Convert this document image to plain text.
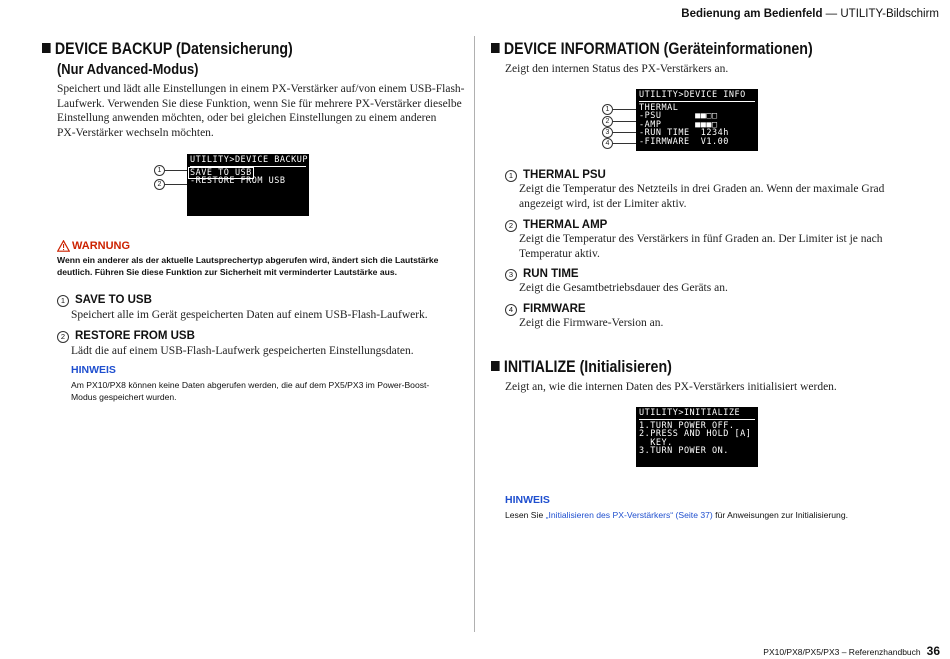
Bedienung am Bedienfeld — UTILITY-Bildschirm
DEVICE BACKUP (Datensicherung)
(Nur Advanced-Modus)
Speichert und lädt alle Einstellungen in einem PX-Verstärker auf/von einem USB-Flash-
Laufwerk. Verwenden Sie diese Funktion, wenn Sie für mehrere PX-Verstärker dieselbe
Einstellung anwenden möchten, oder bei gleichen Einstellungen zu einem anderen
PX-Verstärker wechseln möchten.
1
2
UTILITY>DEVICE BACKUP
SAVE TO USB
-RESTORE FROM USB
WARNUNG
Wenn ein anderer als der aktuelle Lautsprechertyp abgerufen wird, ändert sich die Lautstärke
deutlich. Führen Sie diese Funktion zur Sicherheit mit verminderter Lautstärke aus.
1 SAVE TO USB
Speichert alle im Gerät gespeicherten Daten auf einem USB-Flash-Laufwerk.
2 RESTORE FROM USB
Lädt die auf einem USB-Flash-Laufwerk gespeicherten Einstellungsdaten.
HINWEIS
Am PX10/PX8 können keine Daten abgerufen werden, die auf dem PX5/PX3 im Power-Boost-
Modus gespeichert wurden.
DEVICE INFORMATION (Geräteinformationen)
Zeigt den internen Status des PX-Verstärkers an.
1
2
3
4
UTILITY>DEVICE INFO
THERMAL
-PSU      ■■□□
-AMP      ■■■□
-RUN TIME  1234h
-FIRMWARE  V1.00
1 THERMAL PSU
Zeigt die Temperatur des Netzteils in drei Graden an. Wenn der maximale Grad
angezeigt wird, ist der Limiter aktiv.
2 THERMAL AMP
Zeigt die Temperatur des Verstärkers in fünf Graden an. Der Limiter ist je nach
Temperatur aktiv.
3 RUN TIME
Zeigt die Gesamtbetriebsdauer des Geräts an.
4 FIRMWARE
Zeigt die Firmware-Version an.
INITIALIZE (Initialisieren)
Zeigt an, wie die internen Daten des PX-Verstärkers initialisiert werden.
UTILITY>INITIALIZE
1.TURN POWER OFF.
2.PRESS AND HOLD [A]
KEY.
3.TURN POWER ON.
HINWEIS
Lesen Sie „Initialisieren des PX-Verstärkers“ (Seite 37) für Anweisungen zur Initialisierung.
PX10/PX8/PX5/PX3 – Referenzhandbuch 36
